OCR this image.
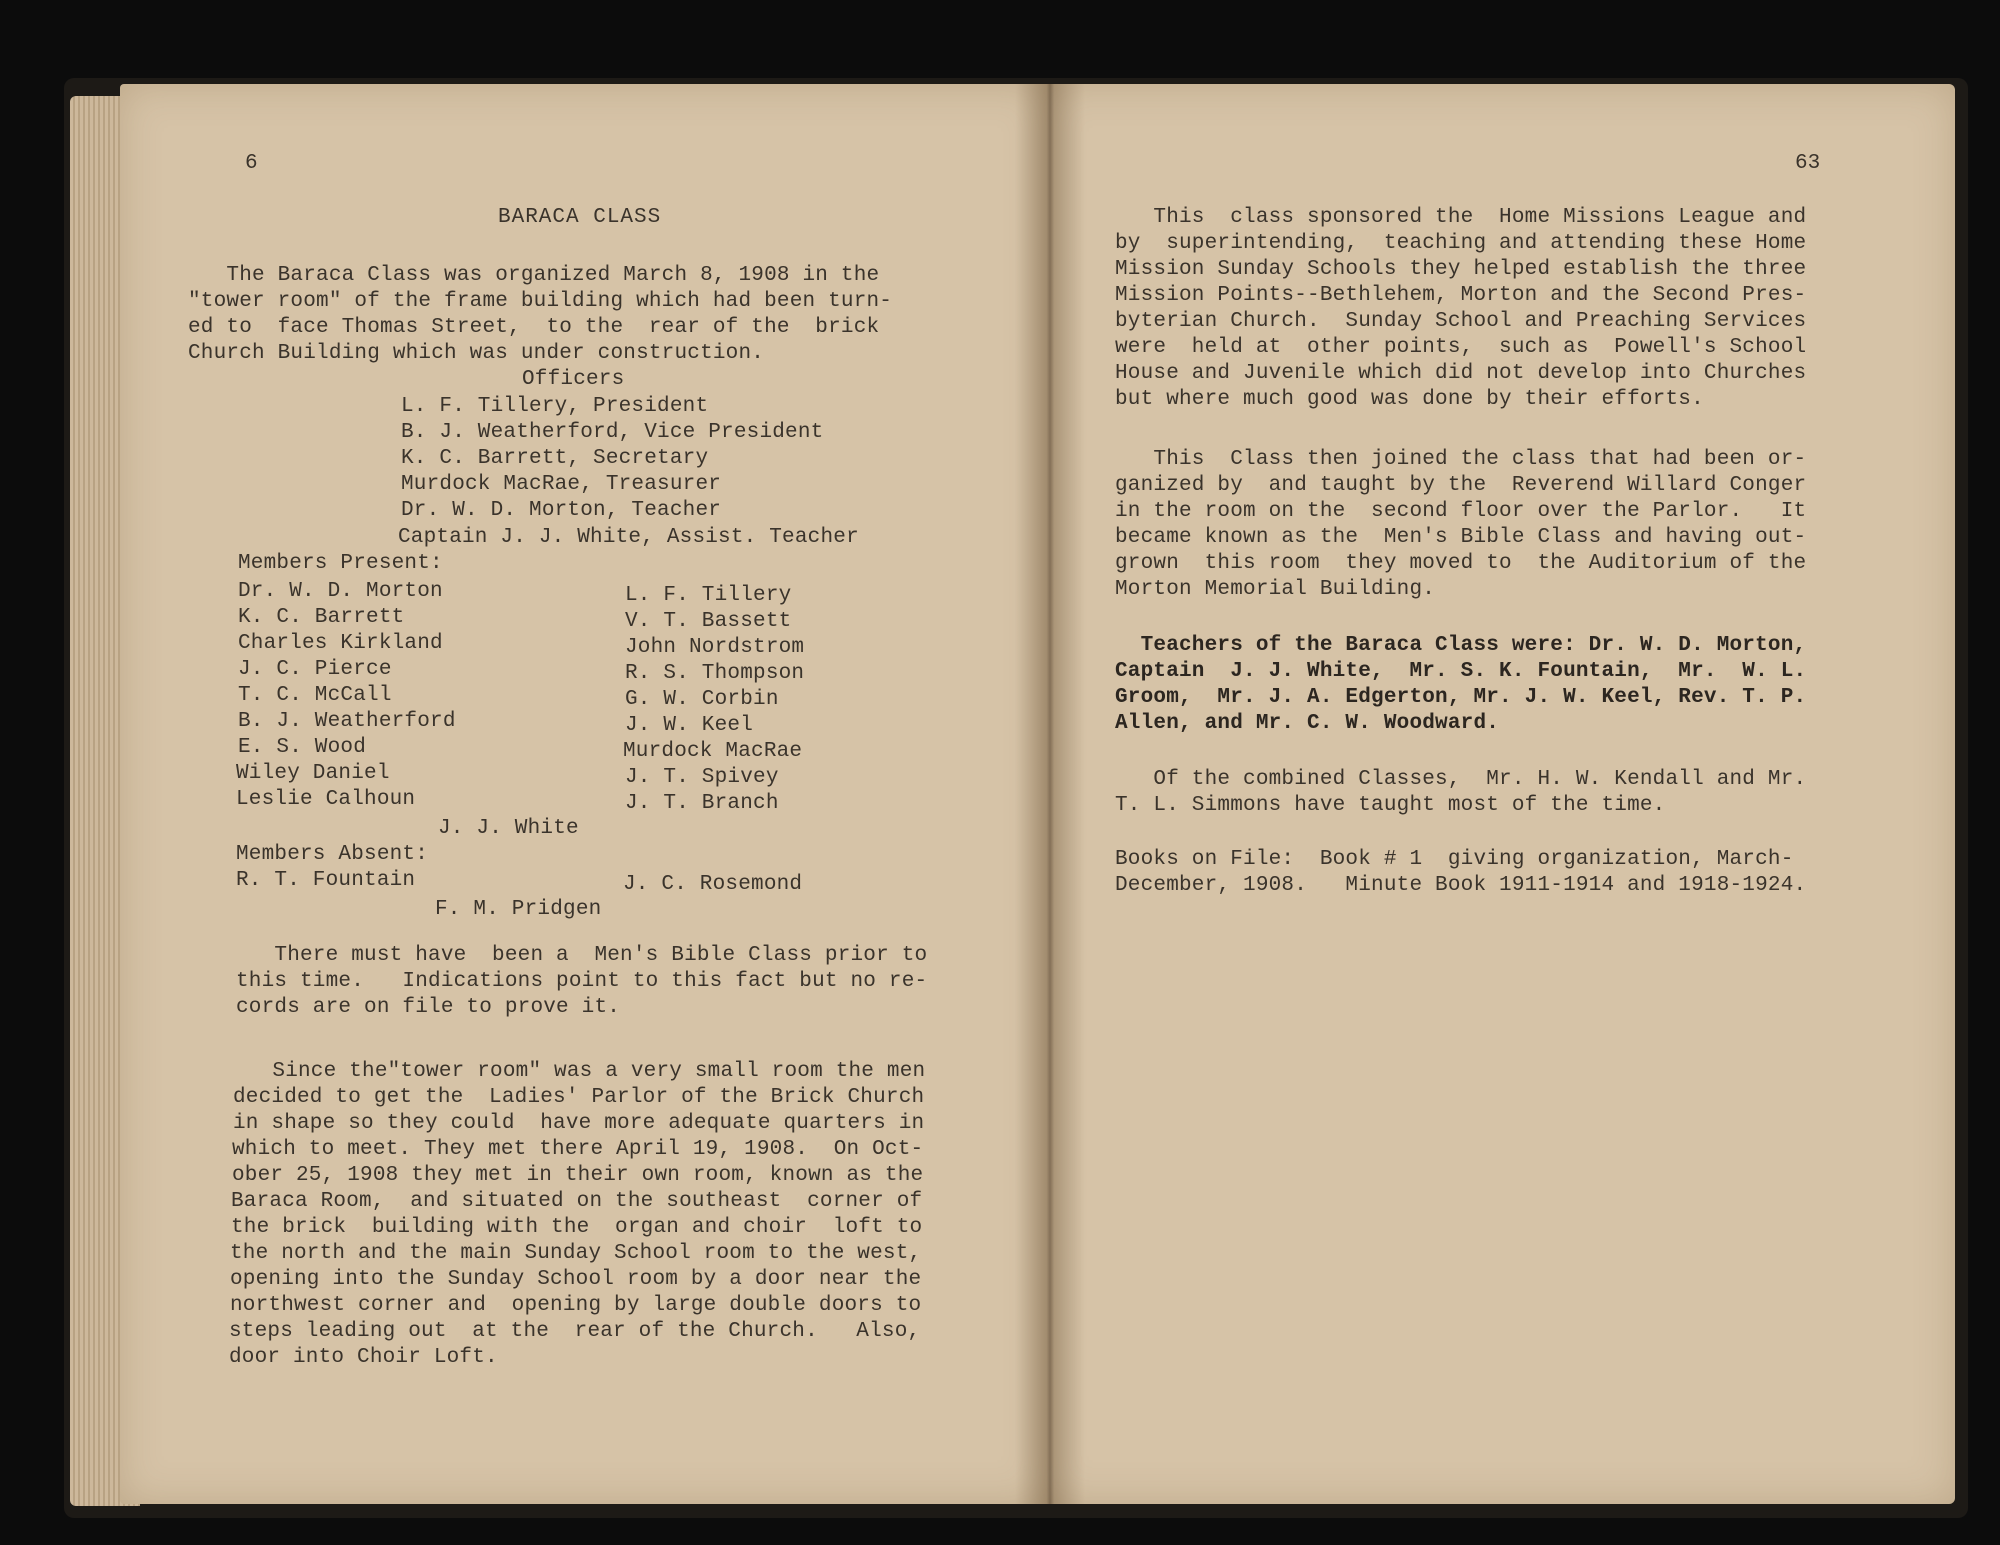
6
BARACA CLASS
The Baraca Class was organized March 8, 1908 in the
"tower room" of the frame building which had been turn-
ed to  face Thomas Street,  to the  rear of the  brick
Church Building which was under construction.
Officers
L. F. Tillery, President
B. J. Weatherford, Vice President
K. C. Barrett, Secretary
Murdock MacRae, Treasurer
Dr. W. D. Morton, Teacher
Captain J. J. White, Assist. Teacher
Members Present:
Dr. W. D. Morton
K. C. Barrett
Charles Kirkland
J. C. Pierce
T. C. McCall
B. J. Weatherford
E. S. Wood
Wiley Daniel
Leslie Calhoun
L. F. Tillery
V. T. Bassett
John Nordstrom
R. S. Thompson
G. W. Corbin
J. W. Keel
Murdock MacRae
J. T. Spivey
J. T. Branch
J. J. White
Members Absent:
R. T. Fountain	J. C. Rosemond
F. M. Pridgen
There must have  been a  Men's Bible Class prior to
this time.   Indications point to this fact but no re-
cords are on file to prove it.
Since the"tower room" was a very small room the men
decided to get the  Ladies' Parlor of the Brick Church
in shape so they could  have more adequate quarters in
which to meet. They met there April 19, 1908.  On Oct-
ober 25, 1908 they met in their own room, known as the
Baraca Room,  and situated on the southeast  corner of
the brick  building with the  organ and choir  loft to
the north and the main Sunday School room to the west,
opening into the Sunday School room by a door near the
northwest corner and  opening by large double doors to
steps leading out  at the  rear of the Church.   Also,
door into Choir Loft.
63
This  class sponsored the  Home Missions League and
by  superintending,  teaching and attending these Home
Mission Sunday Schools they helped establish the three
Mission Points--Bethlehem, Morton and the Second Pres-
byterian Church.  Sunday School and Preaching Services
were  held at  other points,  such as  Powell's School
House and Juvenile which did not develop into Churches
but where much good was done by their efforts.
This  Class then joined the class that had been or-
ganized by  and taught by the  Reverend Willard Conger
in the room on the  second floor over the Parlor.   It
became known as the  Men's Bible Class and having out-
grown  this room  they moved to  the Auditorium of the
Morton Memorial Building.
Teachers of the Baraca Class were: Dr. W. D. Morton,
Captain  J. J. White,  Mr. S. K. Fountain,  Mr.  W. L.
Groom,  Mr. J. A. Edgerton, Mr. J. W. Keel, Rev. T. P.
Allen, and Mr. C. W. Woodward.
Of the combined Classes,  Mr. H. W. Kendall and Mr.
T. L. Simmons have taught most of the time.
Books on File:  Book # 1  giving organization, March-
December, 1908.   Minute Book 1911-1914 and 1918-1924.
